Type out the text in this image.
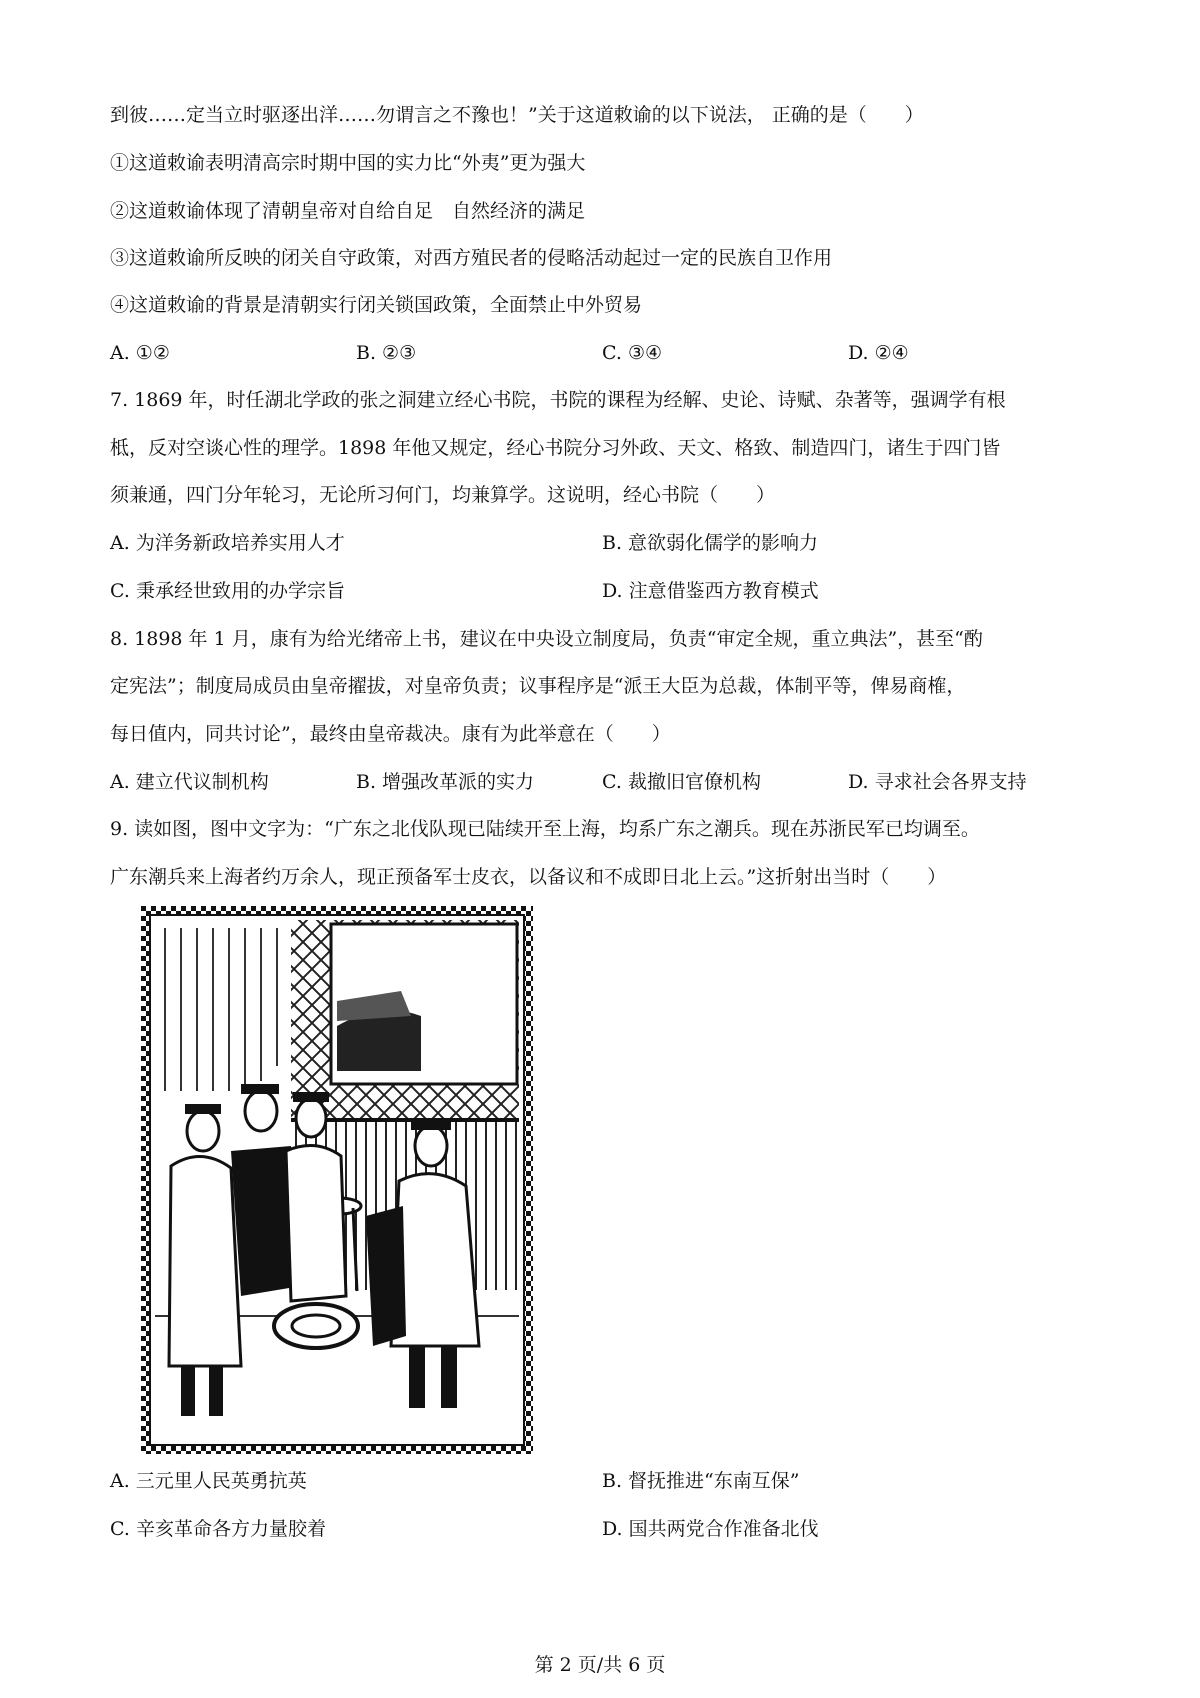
到彼……定当立时驱逐出洋……勿谓言之不豫也！”关于这道敕谕的以下说法， 正确的是（　　）
①这道敕谕表明清高宗时期中国的实力比“外夷”更为强大
②这道敕谕体现了清朝皇帝对自给自足　自然经济的满足
③这道敕谕所反映的闭关自守政策，对西方殖民者的侵略活动起过一定的民族自卫作用
④这道敕谕的背景是清朝实行闭关锁国政策，全面禁止中外贸易
A. ①②	B. ②③	C. ③④	D. ②④
7. 1869 年，时任湖北学政的张之洞建立经心书院，书院的课程为经解、史论、诗赋、杂著等，强调学有根
柢，反对空谈心性的理学。1898 年他又规定，经心书院分习外政、天文、格致、制造四门，诸生于四门皆
须兼通，四门分年轮习，无论所习何门，均兼算学。这说明，经心书院（　　）
A. 为洋务新政培养实用人才	B. 意欲弱化儒学的影响力
C. 秉承经世致用的办学宗旨	D. 注意借鉴西方教育模式
8. 1898 年 1 月，康有为给光绪帝上书，建议在中央设立制度局，负责“审定全规，重立典法”，甚至“酌
定宪法”；制度局成员由皇帝擢拔，对皇帝负责；议事程序是“派王大臣为总裁，体制平等，俾易商榷，
每日值内，同共讨论”，最终由皇帝裁决。康有为此举意在（　　）
A. 建立代议制机构	B. 增强改革派的实力	C. 裁撤旧官僚机构	D. 寻求社会各界支持
9. 读如图，图中文字为：“广东之北伐队现已陆续开至上海，均系广东之潮兵。现在苏浙民军已均调至。
广东潮兵来上海者约万余人，现正预备军士皮衣，以备议和不成即日北上云。”这折射出当时（　　）
A. 三元里人民英勇抗英	B. 督抚推进“东南互保”
C. 辛亥革命各方力量胶着	D. 国共两党合作准备北伐
第 2 页/共 6 页
